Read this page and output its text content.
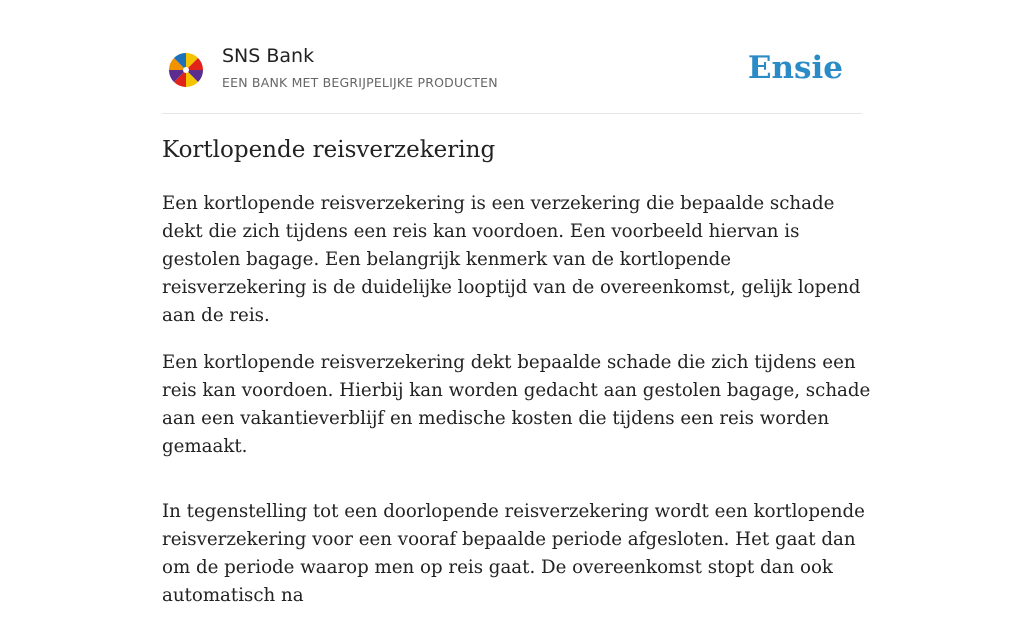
SNS Bank
EEN BANK MET BEGRIJPELIJKE PRODUCTEN	Ensie
Kortlopende reisverzekering

Een kortlopende reisverzekering is een verzekering die bepaalde schade dekt die zich tijdens een reis kan voordoen. Een voorbeeld hiervan is gestolen bagage. Een belangrijk kenmerk van de kortlopende reisverzekering is de duidelijke looptijd van de overeenkomst, gelijk lopend aan de reis.

Een kortlopende reisverzekering dekt bepaalde schade die zich tijdens een reis kan voordoen. Hierbij kan worden gedacht aan gestolen bagage, schade aan een vakantieverblijf en medische kosten die tijdens een reis worden gemaakt.

In tegenstelling tot een doorlopende reisverzekering wordt een kortlopende reisverzekering voor een vooraf bepaalde periode afgesloten. Het gaat dan om de periode waarop men op reis gaat. De overeenkomst stopt dan ook automatisch na
